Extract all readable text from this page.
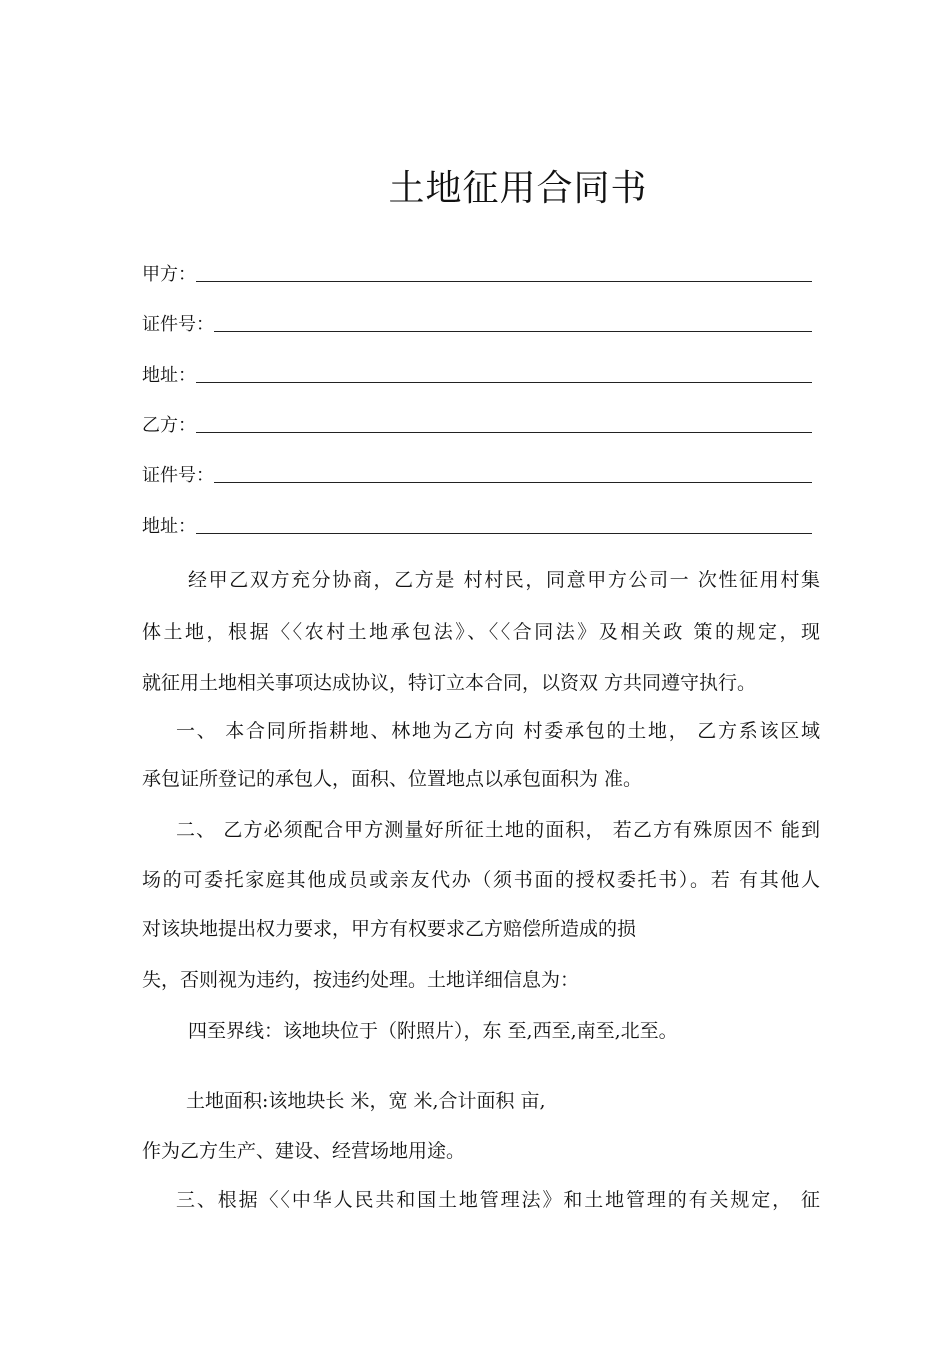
土地征用合同书
甲方：
证件号：
地址：
乙方：
证件号：
地址：
经甲乙双方充分协商，乙方是 村村民，同意甲方公司一 次性征用村集
体土地，根据〈〈农村土地承包法》、〈〈合同法》及相关政 策的规定，现
就征用土地相关事项达成协议，特订立本合同，以资双 方共同遵守执行。
一、 本合同所指耕地、林地为乙方向 村委承包的土地， 乙方系该区域
承包证所登记的承包人，面积、位置地点以承包面积为 准。
二、 乙方必须配合甲方测量好所征土地的面积， 若乙方有殊原因不 能到
场的可委托家庭其他成员或亲友代办（须书面的授权委托书）。若 有其他人
对该块地提出权力要求，甲方有权要求乙方赔偿所造成的损
失，否则视为违约，按违约处理。土地详细信息为：
四至界线：该地块位于（附照片），东 至,西至,南至,北至。
土地面积:该地块长 米，宽 米,合计面积 亩,
作为乙方生产、建设、经营场地用途。
三、根据〈〈中华人民共和国土地管理法》和土地管理的有关规定， 征
